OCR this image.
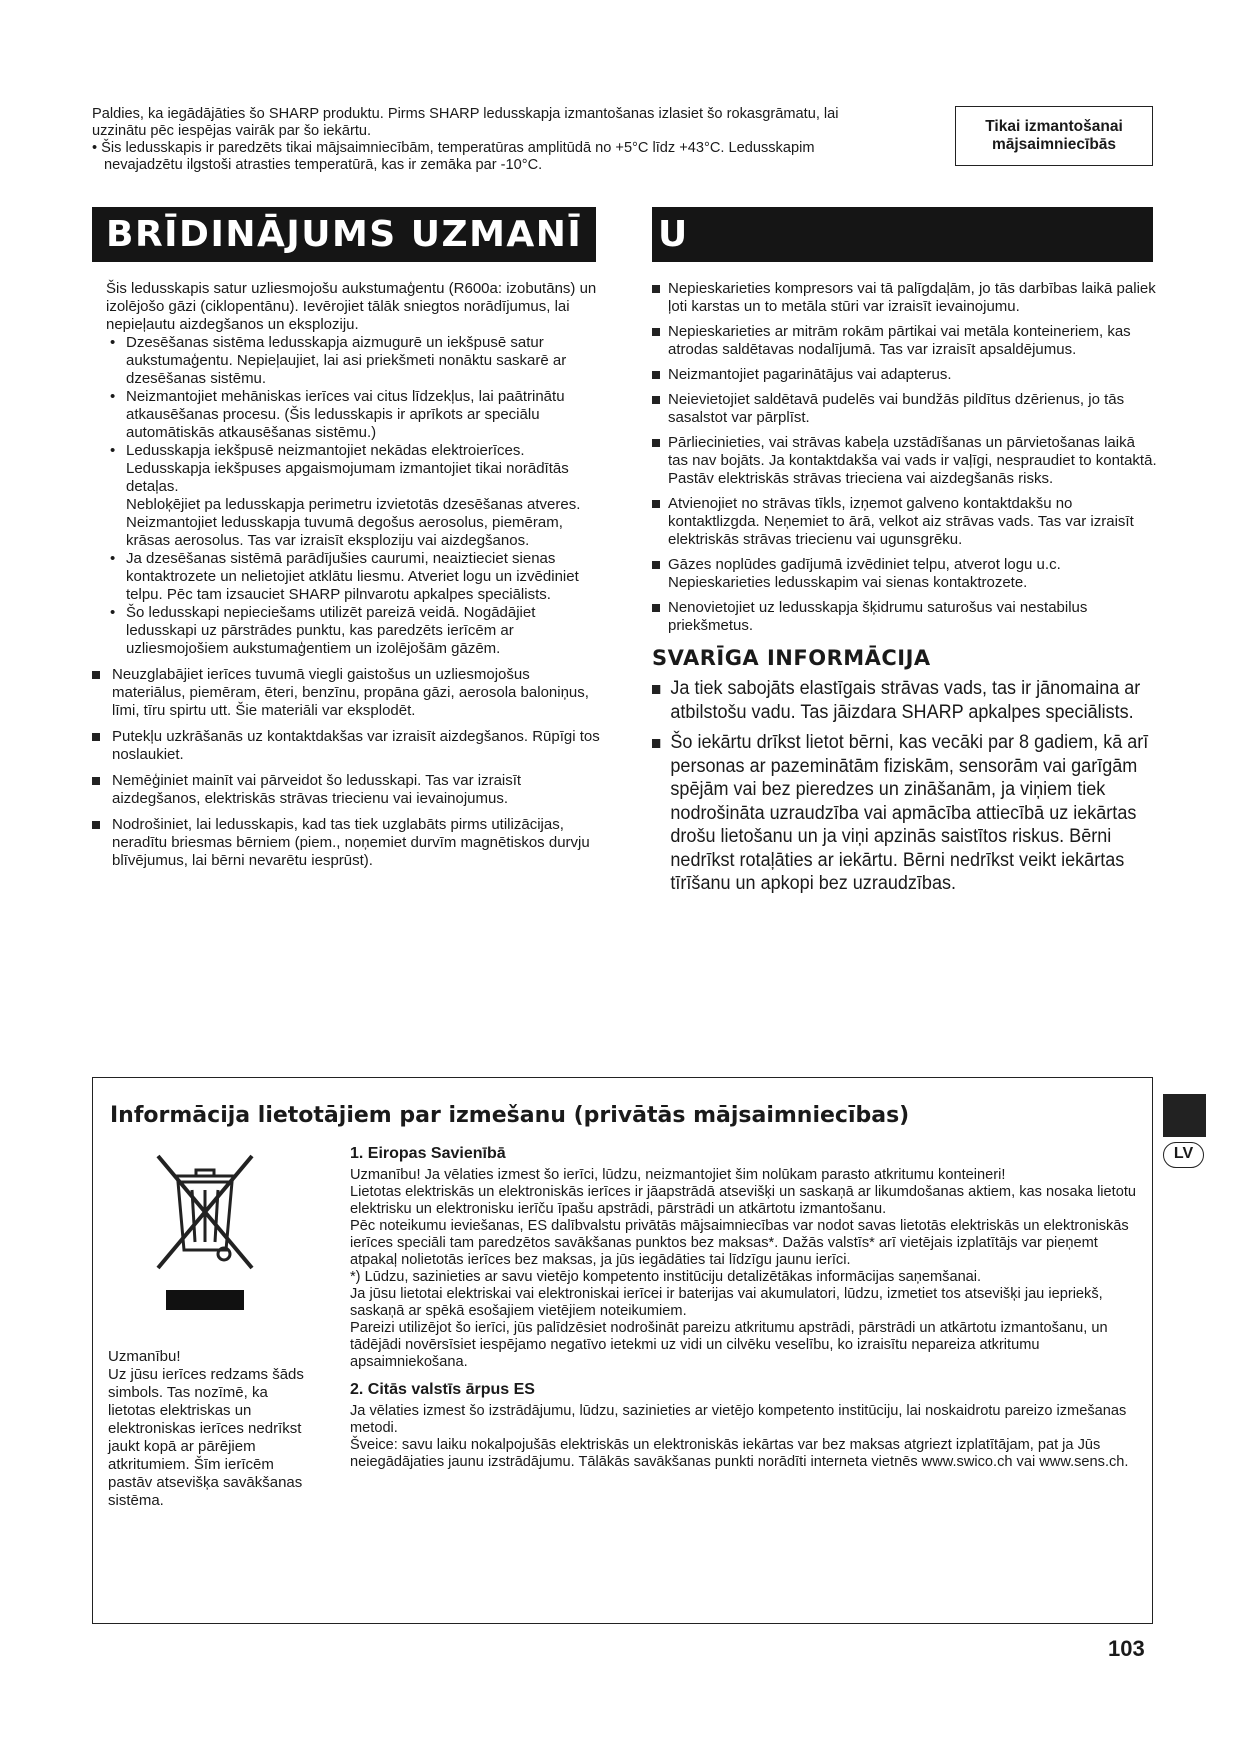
Paldies, ka iegādājāties šo SHARP produktu. Pirms SHARP ledusskapja izmantošanas izlasiet šo rokasgrāmatu, lai uzzinātu pēc iespējas vairāk par šo iekārtu.

• Šis ledusskapis ir paredzēts tikai mājsaimniecībām, temperatūras amplitūdā no +5°C līdz +43°C. Ledusskapim nevajadzētu ilgstoši atrasties temperatūrā, kas ir zemāka par -10°C.

Tikai izmantošanai mājsaimniecībās
BRĪDINĀJUMS UZMANĪ U

Šis ledusskapis satur uzliesmojošu aukstumaģentu (R600a: izobutāns) un izolējošo gāzi (ciklopentānu). Ievērojiet tālāk sniegtos norādījumus, lai nepieļautu aizdegšanos un eksploziju.

• Dzesēšanas sistēma ledusskapja aizmugurē un iekšpusē satur aukstumaģentu. Nepieļaujiet, lai asi priekšmeti nonāktu saskarē ar dzesēšanas sistēmu.

• Neizmantojiet mehāniskas ierīces vai citus līdzekļus, lai paātrinātu atkausēšanas procesu. (Šis ledusskapis ir aprīkots ar speciālu automātiskās atkausēšanas sistēmu.)

• Ledusskapja iekšpusē neizmantojiet nekādas elektroierīces. Ledusskapja iekšpuses apgaismojumam izmantojiet tikai norādītās detaļas.

Nebloķējiet pa ledusskapja perimetru izvietotās dzesēšanas atveres.

Neizmantojiet ledusskapja tuvumā degošus aerosolus, piemēram, krāsas aerosolus. Tas var izraisīt eksploziju vai aizdegšanos.

• Ja dzesēšanas sistēmā parādījušies caurumi, neaiztieciet sienas kontaktrozete un nelietojiet atklātu liesmu. Atveriet logu un izvēdiniet telpu. Pēc tam izsauciet SHARP pilnvarotu apkalpes speciālists.

• Šo ledusskapi nepieciešams utilizēt pareizā veidā. Nogādājiet ledusskapi uz pārstrādes punktu, kas paredzēts ierīcēm ar uzliesmojošiem aukstumaģentiem un izolējošām gāzēm.

Neuzglabājiet ierīces tuvumā viegli gaistošus un uzliesmojošus materiālus, piemēram, ēteri, benzīnu, propāna gāzi, aerosola baloniņus, līmi, tīru spirtu utt. Šie materiāli var eksplodēt.

Putekļu uzkrāšanās uz kontaktdakšas var izraisīt aizdegšanos. Rūpīgi tos noslaukiet.

Nemēģiniet mainīt vai pārveidot šo ledusskapi. Tas var izraisīt aizdegšanos, elektriskās strāvas triecienu vai ievainojumus.

Nodrošiniet, lai ledusskapis, kad tas tiek uzglabāts pirms utilizācijas, neradītu briesmas bērniem (piem., noņemiet durvīm magnētiskos durvju blīvējumus, lai bērni nevarētu iesprūst).

Nepieskarieties kompresors vai tā palīgdaļām, jo tās darbības laikā paliek ļoti karstas un to metāla stūri var izraisīt ievainojumu.

Nepieskarieties ar mitrām rokām pārtikai vai metāla konteineriem, kas atrodas saldētavas nodalījumā. Tas var izraisīt apsaldējumus.

Neizmantojiet pagarinātājus vai adapterus.

Neievietojiet saldētavā pudelēs vai bundžās pildītus dzērienus, jo tās sasalstot var pārplīst.

Pārliecinieties, vai strāvas kabeļa uzstādīšanas un pārvietošanas laikā tas nav bojāts. Ja kontaktdakša vai vads ir vaļīgi, nespraudiet to kontaktā. Pastāv elektriskās strāvas trieciena vai aizdegšanās risks.

Atvienojiet no strāvas tīkls, izņemot galveno kontaktdakšu no kontaktlizgda. Neņemiet to ārā, velkot aiz strāvas vads. Tas var izraisīt elektriskās strāvas triecienu vai ugunsgrēku.

Gāzes noplūdes gadījumā izvēdiniet telpu, atverot logu u.c. Nepieskarieties ledusskapim vai sienas kontaktrozete.

Nenovietojiet uz ledusskapja šķidrumu saturošus vai nestabilus priekšmetus.

SVARĪGA INFORMĀCIJA

Ja tiek sabojāts elastīgais strāvas vads, tas ir jānomaina ar atbilstošu vadu. Tas jāizdara SHARP apkalpes speciālists.

Šo iekārtu drīkst lietot bērni, kas vecāki par 8 gadiem, kā arī personas ar pazeminātām fiziskām, sensorām vai garīgām spējām vai bez pieredzes un zināšanām, ja viņiem tiek nodrošināta uzraudzība vai apmācība attiecībā uz iekārtas drošu lietošanu un ja viņi apzinās saistītos riskus. Bērni nedrīkst rotaļāties ar iekārtu. Bērni nedrīkst veikt iekārtas tīrīšanu un apkopi bez uzraudzības.

Informācija lietotājiem par izmešanu (privātās mājsaimniecības)

Uzmanību!

Uz jūsu ierīces redzams šāds simbols. Tas nozīmē, ka lietotas elektriskas un elektroniskas ierīces nedrīkst jaukt kopā ar pārējiem atkritumiem. Šīm ierīcēm pastāv atsevišķa savākšanas sistēma.

1. Eiropas Savienībā

Uzmanību! Ja vēlaties izmest šo ierīci, lūdzu, neizmantojiet šim nolūkam parasto atkritumu konteineri!

Lietotas elektriskās un elektroniskās ierīces ir jāapstrādā atsevišķi un saskaņā ar likumdošanas aktiem, kas nosaka lietotu elektrisku un elektronisku ierīču īpašu apstrādi, pārstrādi un atkārtotu izmantošanu.

Pēc noteikumu ieviešanas, ES dalībvalstu privātās mājsaimniecības var nodot savas lietotās elektriskās un elektroniskās ierīces speciāli tam paredzētos savākšanas punktos bez maksas*. Dažās valstīs* arī vietējais izplatītājs var pieņemt atpakaļ nolietotās ierīces bez maksas, ja jūs iegādāties tai līdzīgu jaunu ierīci.

*) Lūdzu, sazinieties ar savu vietējo kompetento institūciju detalizētākas informācijas saņemšanai.

Ja jūsu lietotai elektriskai vai elektroniskai ierīcei ir baterijas vai akumulatori, lūdzu, izmetiet tos atsevišķi jau iepriekš, saskaņā ar spēkā esošajiem vietējiem noteikumiem.

Pareizi utilizējot šo ierīci, jūs palīdzēsiet nodrošināt pareizu atkritumu apstrādi, pārstrādi un atkārtotu izmantošanu, un tādējādi novērsīsiet iespējamo negatīvo ietekmi uz vidi un cilvēku veselību, ko izraisītu nepareiza atkritumu apsaimniekošana.

2. Citās valstīs ārpus ES

Ja vēlaties izmest šo izstrādājumu, lūdzu, sazinieties ar vietējo kompetento institūciju, lai noskaidrotu pareizo izmešanas metodi.

Šveice: savu laiku nokalpojušās elektriskās un elektroniskās iekārtas var bez maksas atgriezt izplatītājam, pat ja Jūs neiegādājaties jaunu izstrādājumu. Tālākās savākšanas punkti norādīti interneta vietnēs www.swico.ch vai www.sens.ch.

LV
103
